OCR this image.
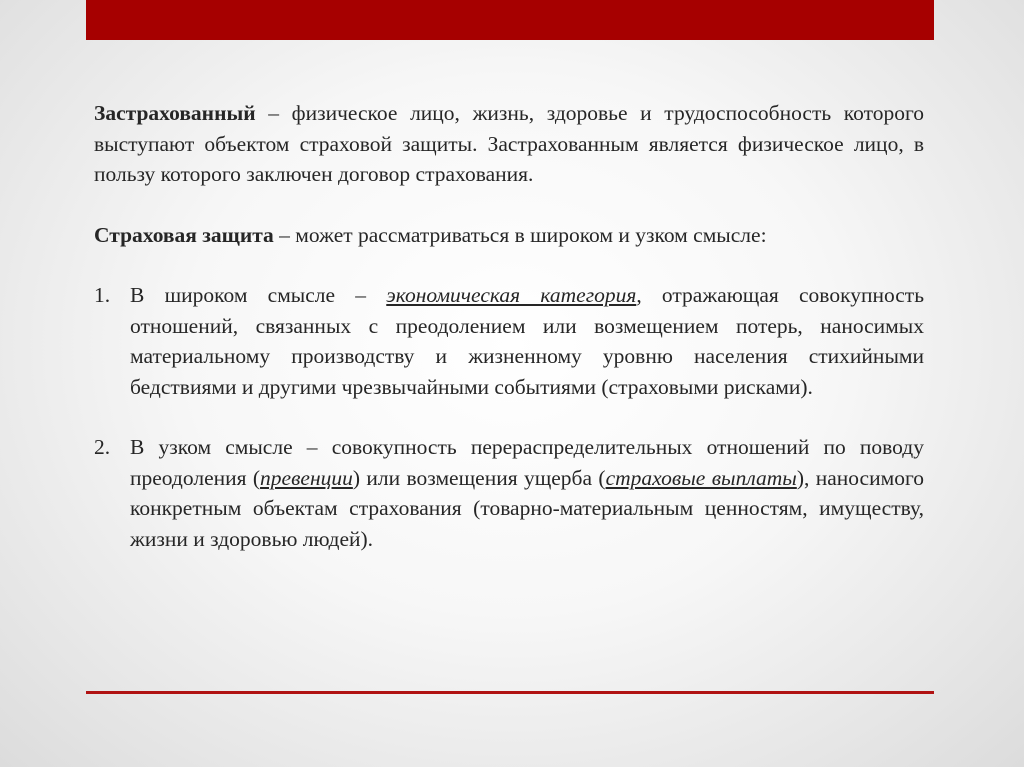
Застрахованный – физическое лицо, жизнь, здоровье и трудоспособность которого выступают объектом страховой защиты. Застрахованным является физическое лицо, в пользу которого заключен договор страхования.

Страховая защита – может рассматриваться в широком и узком смысле:

1. В широком смысле – экономическая категория, отражающая совокупность отношений, связанных с преодолением или возмещением потерь, наносимых материальному производству и жизненному уровню населения стихийными бедствиями и другими чрезвычайными событиями (страховыми рисками).
2. В узком смысле – совокупность перераспределительных отношений по поводу преодоления (превенции) или возмещения ущерба (страховые выплаты), наносимого конкретным объектам страхования (товарно-материальным ценностям, имуществу, жизни и здоровью людей).
